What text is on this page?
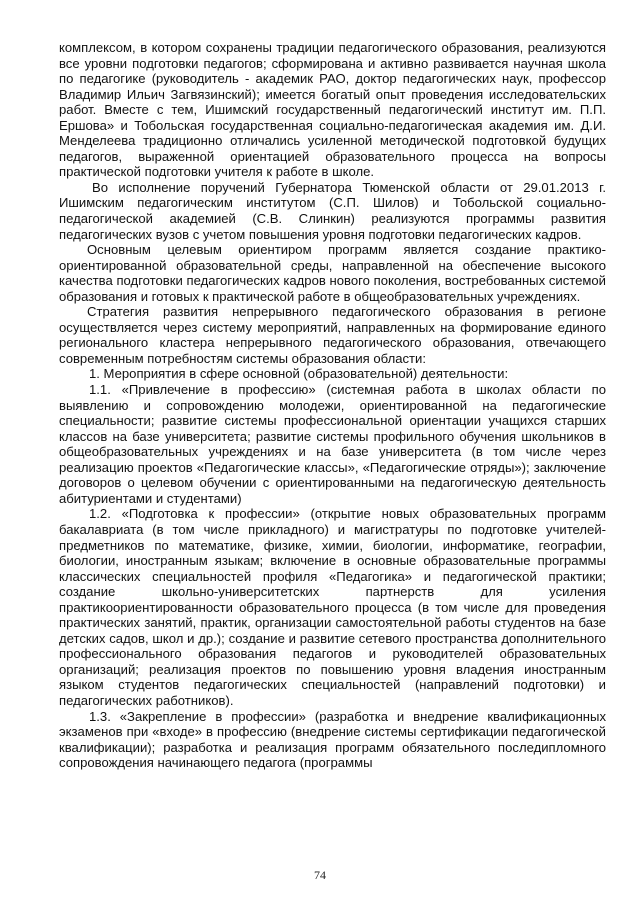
комплексом, в котором сохранены традиции педагогического образования, реализуются все уровни подготовки педагогов; сформирована и активно развивается научная школа по педагогике (руководитель - академик РАО, доктор педагогических наук, профессор Владимир Ильич Загвязинский); имеется богатый опыт проведения исследовательских работ. Вместе с тем, Ишимский государственный педагогический институт им. П.П. Ершова» и Тобольская государственная социально-педагогическая академия им. Д.И. Менделеева традиционно отличались усиленной методической подготовкой будущих педагогов, выраженной ориентацией образовательного процесса на вопросы практической подготовки учителя к работе в школе.

Во исполнение поручений Губернатора Тюменской области от 29.01.2013 г. Ишимским педагогическим институтом (С.П. Шилов) и Тобольской социально-педагогической академией (С.В. Слинкин) реализуются программы развития педагогических вузов с учетом повышения уровня подготовки педагогических кадров.

Основным целевым ориентиром программ является создание практико-ориентированной образовательной среды, направленной на обеспечение высокого качества подготовки педагогических кадров нового поколения, востребованных системой образования и готовых к практической работе в общеобразовательных учреждениях.

Стратегия развития непрерывного педагогического образования в регионе осуществляется через систему мероприятий, направленных на формирование единого регионального кластера непрерывного педагогического образования, отвечающего современным потребностям системы образования области:

1. Мероприятия в сфере основной (образовательной) деятельности:

1.1. «Привлечение в профессию» (системная работа в школах области по выявлению и сопровождению молодежи, ориентированной на педагогические специальности; развитие системы профессиональной ориентации учащихся старших классов на базе университета; развитие системы профильного обучения школьников в общеобразовательных учреждениях и на базе университета (в том числе через реализацию проектов «Педагогические классы», «Педагогические отряды»); заключение договоров о целевом обучении с ориентированными на педагогическую деятельность абитуриентами и студентами)

1.2. «Подготовка к профессии» (открытие новых образовательных программ бакалавриата (в том числе прикладного) и магистратуры по подготовке учителей-предметников по математике, физике, химии, биологии, информатике, географии, биологии, иностранным языкам; включение в основные образовательные программы классических специальностей профиля «Педагогика» и педагогической практики; создание школьно-университетских партнерств для усиления практикоориентированности образовательного процесса (в том числе для проведения практических занятий, практик, организации самостоятельной работы студентов на базе детских садов, школ и др.); создание и развитие сетевого пространства дополнительного профессионального образования педагогов и руководителей образовательных организаций; реализация проектов по повышению уровня владения иностранным языком студентов педагогических специальностей (направлений подготовки) и педагогических работников).

1.3. «Закрепление в профессии» (разработка и внедрение квалификационных экзаменов при «входе» в профессию (внедрение системы сертификации педагогической квалификации); разработка и реализация программ обязательного последипломного сопровождения начинающего педагога (программы

74
